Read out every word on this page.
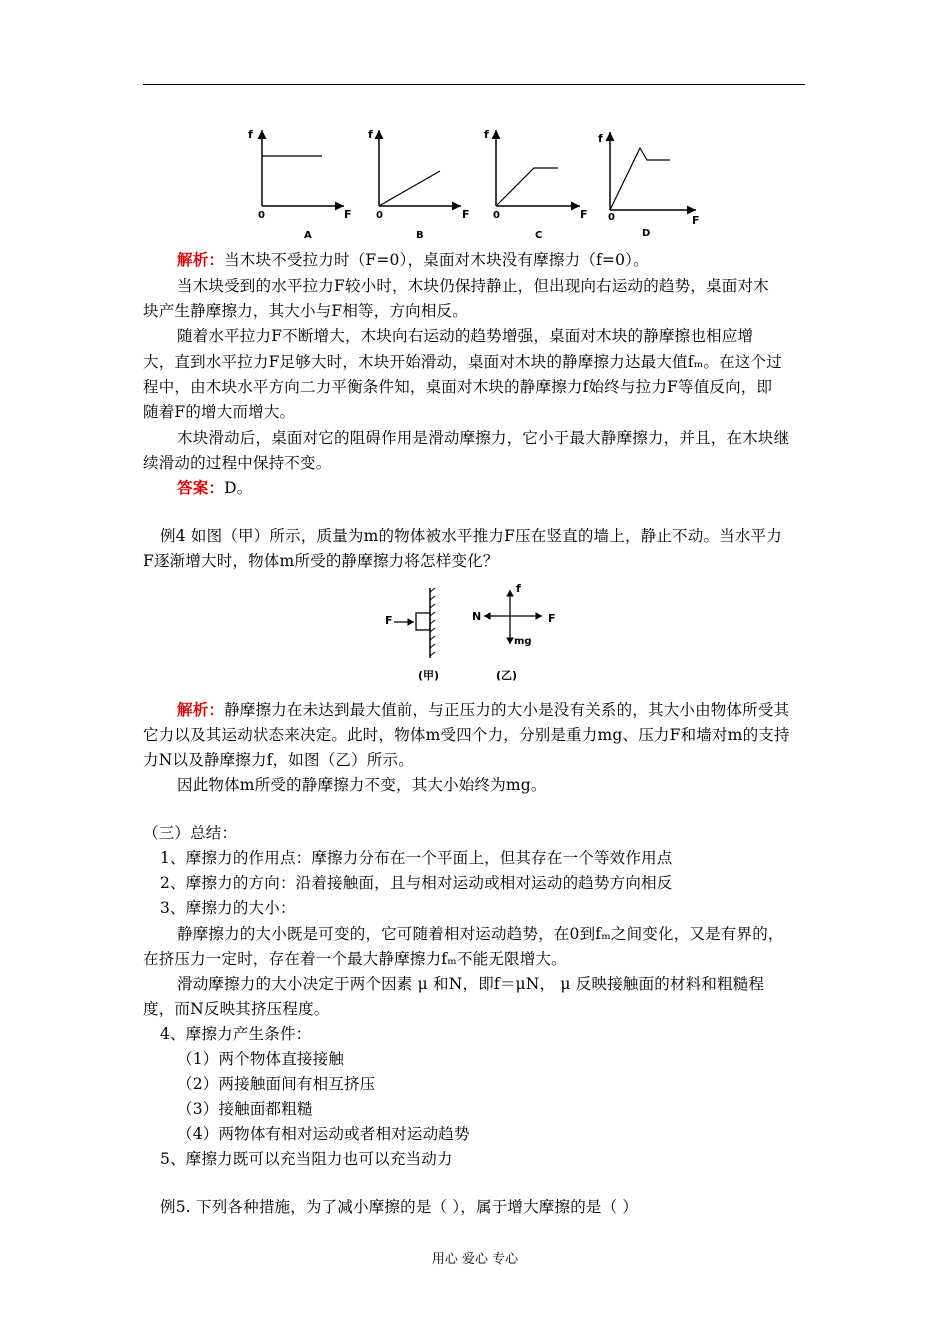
f
0	F
A
f
0	F
B
f
0	F
C
f
0	F
D
解析：当木块不受拉力时（F=0），桌面对木块没有摩擦力（f=0）。
当木块受到的水平拉力F较小时，木块仍保持静止，但出现向右运动的趋势，桌面对木
块产生静摩擦力，其大小与F相等，方向相反。
随着水平拉力F不断增大，木块向右运动的趋势增强，桌面对木块的静摩擦也相应增
大，直到水平拉力F足够大时，木块开始滑动，桌面对木块的静摩擦力达最大值fₘ。在这个过
程中，由木块水平方向二力平衡条件知，桌面对木块的静摩擦力f始终与拉力F等值反向，即
随着F的增大而增大。
木块滑动后，桌面对它的阻碍作用是滑动摩擦力，它小于最大静摩擦力，并且，在木块继
续滑动的过程中保持不变。
答案：D。
例4 如图（甲）所示，质量为m的物体被水平推力F压在竖直的墙上，静止不动。当水平力
F逐渐增大时，物体m所受的静摩擦力将怎样变化？
F
(甲)
f
N	F
mg
(乙)
解析：静摩擦力在未达到最大值前，与正压力的大小是没有关系的，其大小由物体所受其
它力以及其运动状态来决定。此时，物体m受四个力，分别是重力mg、压力F和墙对m的支持
力N以及静摩擦力f，如图（乙）所示。
因此物体m所受的静摩擦力不变，其大小始终为mg。
（三）总结：
1、摩擦力的作用点：摩擦力分布在一个平面上，但其存在一个等效作用点
2、摩擦力的方向：沿着接触面，且与相对运动或相对运动的趋势方向相反
3、摩擦力的大小：
静摩擦力的大小既是可变的，它可随着相对运动趋势，在0到fₘ之间变化，又是有界的，
在挤压力一定时，存在着一个最大静摩擦力fₘ不能无限增大。
滑动摩擦力的大小决定于两个因素 μ 和N，即f＝μN， μ 反映接触面的材料和粗糙程
度，而N反映其挤压程度。
4、摩擦力产生条件：
（1）两个物体直接接触
（2）两接触面间有相互挤压
（3）接触面都粗糙
（4）两物体有相对运动或者相对运动趋势
5、摩擦力既可以充当阻力也可以充当动力
例5. 下列各种措施，为了减小摩擦的是（ ），属于增大摩擦的是（ ）
用心 爱心 专心
